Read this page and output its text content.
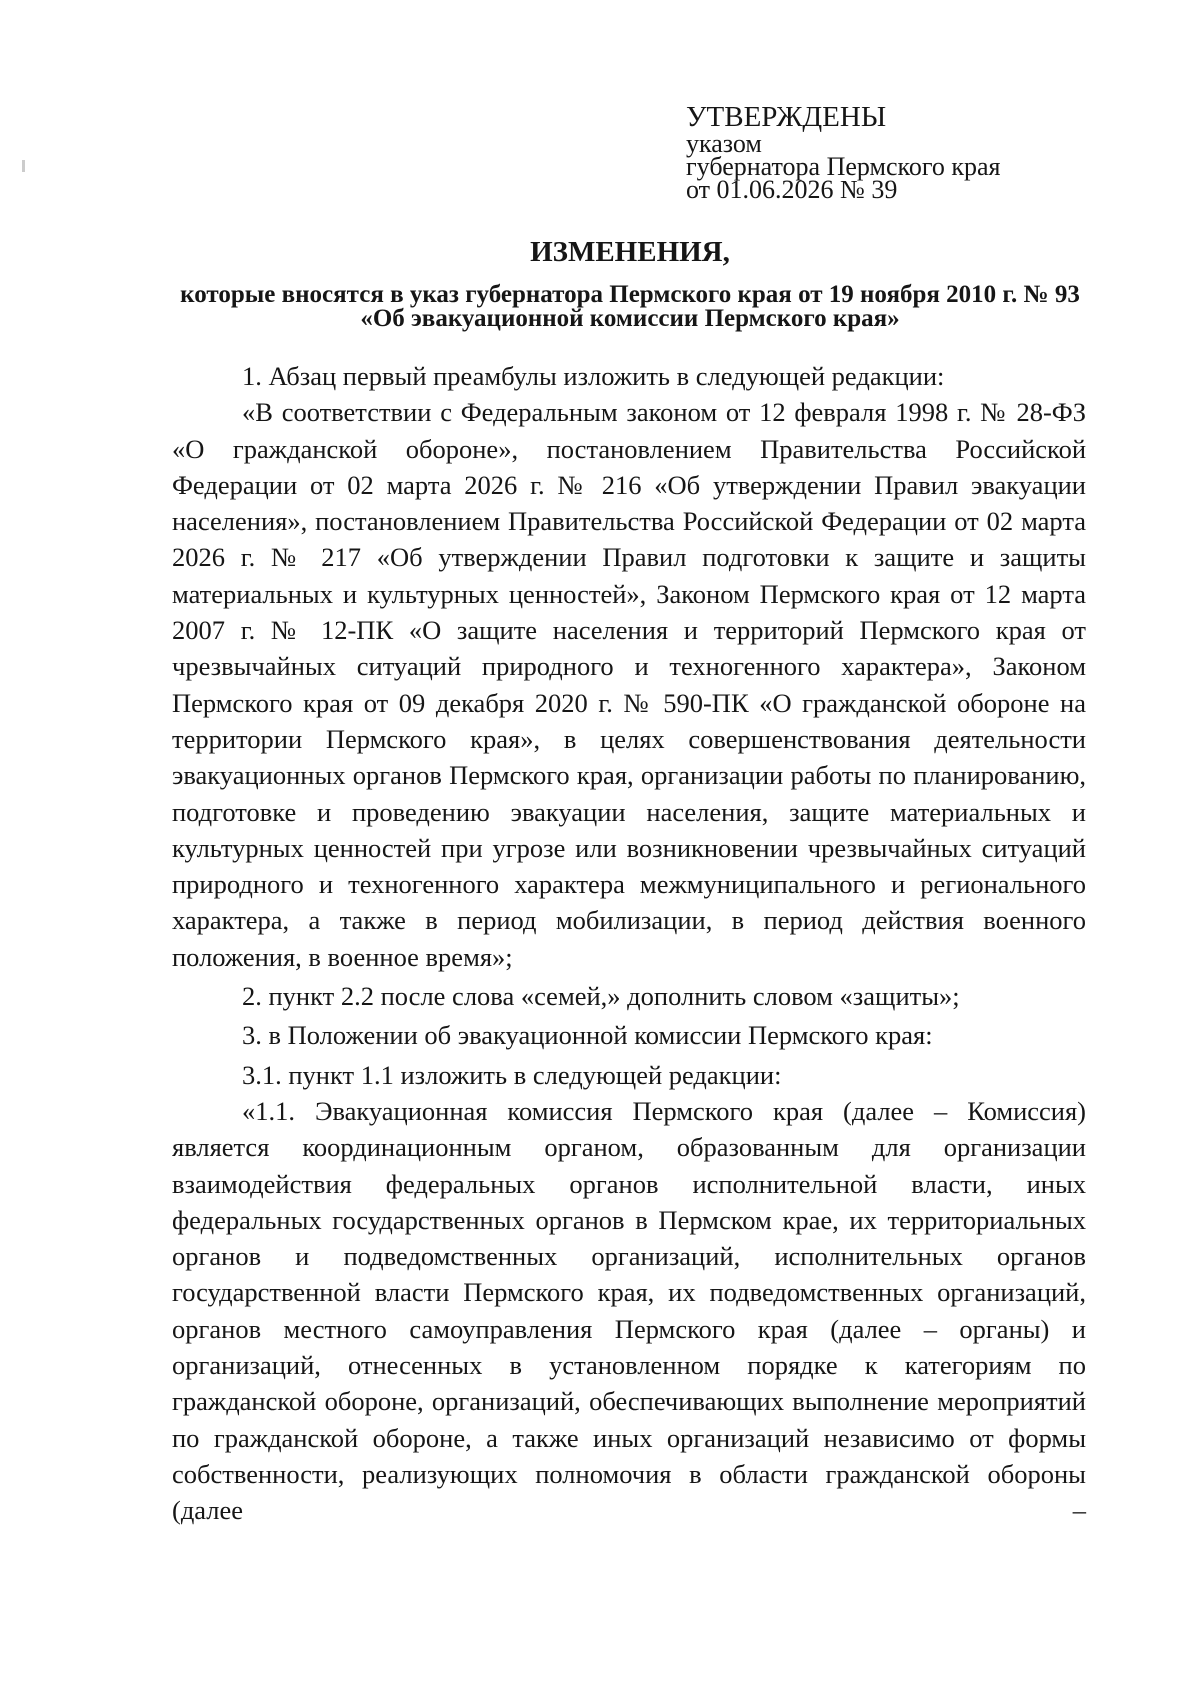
УТВЕРЖДЕНЫ
указом
губернатора Пермского края
от 01.06.2026 № 39
ИЗМЕНЕНИЯ,
которые вносятся в указ губернатора Пермского края от 19 ноября 2010 г. № 93 «Об эвакуационной комиссии Пермского края»

1. Абзац первый преамбулы изложить в следующей редакции:

«В соответствии с Федеральным законом от 12 февраля 1998 г. № 28-ФЗ «О гражданской обороне», постановлением Правительства Российской Федерации от 02 марта 2026 г. № 216 «Об утверждении Правил эвакуации населения», постановлением Правительства Российской Федерации от 02 марта 2026 г. № 217 «Об утверждении Правил подготовки к защите и защиты материальных и культурных ценностей», Законом Пермского края от 12 марта 2007 г. № 12-ПК «О защите населения и территорий Пермского края от чрезвычайных ситуаций природного и техногенного характера», Законом Пермского края от 09 декабря 2020 г. № 590-ПК «О гражданской обороне на территории Пермского края», в целях совершенствования деятельности эвакуационных органов Пермского края, организации работы по планированию, подготовке и проведению эвакуации населения, защите материальных и культурных ценностей при угрозе или возникновении чрезвычайных ситуаций природного и техногенного характера межмуниципального и регионального характера, а также в период мобилизации, в период действия военного положения, в военное время»;

2. пункт 2.2 после слова «семей,» дополнить словом «защиты»;

3. в Положении об эвакуационной комиссии Пермского края:

3.1. пункт 1.1 изложить в следующей редакции:

«1.1. Эвакуационная комиссия Пермского края (далее – Комиссия) является координационным органом, образованным для организации взаимодействия федеральных органов исполнительной власти, иных федеральных государственных органов в Пермском крае, их территориальных органов и подведомственных организаций, исполнительных органов государственной власти Пермского края, их подведомственных организаций, органов местного самоуправления Пермского края (далее – органы) и организаций, отнесенных в установленном порядке к категориям по гражданской обороне, организаций, обеспечивающих выполнение мероприятий по гражданской обороне, а также иных организаций независимо от формы собственности, реализующих полномочия в области гражданской обороны (далее –
